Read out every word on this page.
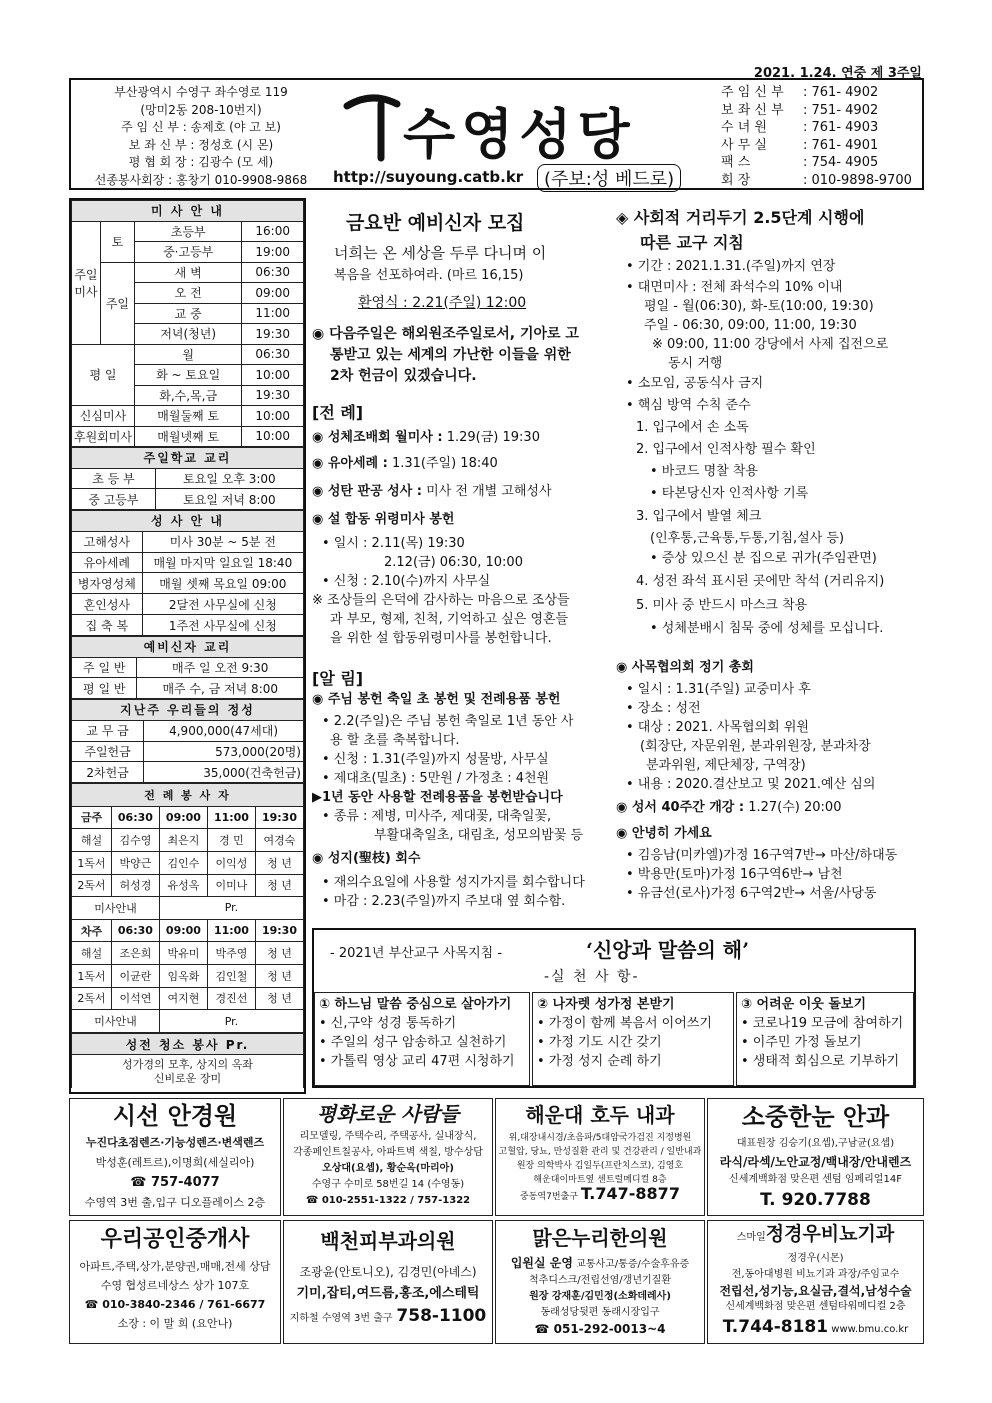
2021. 1.24. 연중 제 3주일
부산광역시 수영구 좌수영로 119
(망미2동 208-10번지)
주 임 신 부 : 송제호 (야 고 보)
보 좌 신 부 : 정성호 (시 몬)
평 협 회 장 : 김광수 (모 세)
선종봉사회장 : 홍창기 010-9908-9868
수영성당
http://suyoung.catb.kr	(주보:성 베드로)
주 임 신 부 : 761- 4902
보 좌 신 부 : 751- 4902
수 녀 원	: 761- 4903
사 무 실	: 761- 4901
팩 스	: 754- 4905
회 장	: 010-9898-9700
미 사 안 내			
주일미사	토	초등부	16:00
		중·고등부	19:00
	주일	새 벽	06:30
		오 전	09:00
		교 중	11:00
		저녁(청년)	19:30
평 일		월	06:30
		화 ~ 토요일	10:00
		화,수,목,금	19:30
신심미사		매월둘째 토	10:00
후원회미사		매월넷째 토	10:00
주일학교 교리	
초 등 부	토요일 오후 3:00
중 고등부	토요일 저녁 8:00
성 사 안 내	
고해성사	미사 30분 ~ 5분 전
유아세례	매월 마지막 일요일 18:40
병자영성체	매월 셋째 목요일 09:00
혼인성사	2달전 사무실에 신청
집 축 복	1주전 사무실에 신청
예비신자 교리	
주 일 반	매주 일 오전 9:30
평 일 반	매주 수, 금 저녁 8:00
지난주 우리들의 정성	
교 무 금	4,900,000(47세대)
주일헌금	573,000(20명)
2차헌금	35,000(건축헌금)
전 례 봉 사 자				
금주	06:30	09:00	11:00	19:30
해설	김수영	최은지	경 민	여경숙
1독서	박양근	김인수	이익성	청 년
2독서	허성경	유성옥	이미나	청 년
미사안내		Pr.		
차주	06:30	09:00	11:00	19:30
해설	조은희	박유미	박주영	청 년
1독서	이균란	임옥화	김인철	청 년
2독서	이석연	여지현	경진선	청 년
미사안내		Pr.		
성전 청소 봉사 Pr.

성가경의 모후, 상지의 옥좌
신비로운 장미
금요반 예비신자 모집
너희는 온 세상을 두루 다니며 이
복음을 선포하여라. (마르 16,15)
환영식 : 2.21(주일) 12:00
◉ 다음주일은 해외원조주일로서, 기아로 고
통받고 있는 세계의 가난한 이들을 위한
2차 헌금이 있겠습니다.
[전 례]
◉ 성체조배회 월미사 : 1.29(금) 19:30
◉ 유아세례 : 1.31(주일) 18:40
◉ 성탄 판공 성사 : 미사 전 개별 고해성사
◉ 설 합동 위령미사 봉헌
• 일시 : 2.11(목) 19:30
2.12(금) 06:30, 10:00
• 신청 : 2.10(수)까지 사무실
※ 조상들의 은덕에 감사하는 마음으로 조상들
과 부모, 형제, 친척, 기억하고 싶은 영혼들
을 위한 설 합동위령미사를 봉헌합니다.
[알 림]
◉ 주님 봉헌 축일 초 봉헌 및 전례용품 봉헌
• 2.2(주일)은 주님 봉헌 축일로 1년 동안 사
용 할 초를 축복합니다.
• 신청 : 1.31(주일)까지 성물방, 사무실
• 제대초(밀초) : 5만원 / 가정초 : 4천원
▶1년 동안 사용할 전례용품을 봉헌받습니다
• 종류 : 제병, 미사주, 제대꽃, 대축일꽃,
부활대축일초, 대림초, 성모의밤꽃 등
◉ 성지(聖枝) 회수
• 재의수요일에 사용할 성지가지를 회수합니다
• 마감 : 2.23(주일)까지 주보대 옆 회수함.
◈ 사회적 거리두기 2.5단계 시행에
따른 교구 지침
• 기간 : 2021.1.31.(주일)까지 연장
• 대면미사 : 전체 좌석수의 10% 이내
평일 - 월(06:30), 화-토(10:00, 19:30)
주일 - 06:30, 09:00, 11:00, 19:30
※ 09:00, 11:00 강당에서 사제 집전으로
동시 거행
• 소모임, 공동식사 금지
• 핵심 방역 수칙 준수
1. 입구에서 손 소독
2. 입구에서 인적사항 필수 확인
• 바코드 명찰 착용
• 타본당신자 인적사항 기록
3. 입구에서 발열 체크
(인후통,근육통,두통,기침,설사 등)
• 증상 있으신 분 집으로 귀가(주임관면)
4. 성전 좌석 표시된 곳에만 착석 (거리유지)
5. 미사 중 반드시 마스크 착용
• 성체분배시 침묵 중에 성체를 모십니다.
◉ 사목협의회 정기 총회
• 일시 : 1.31(주일) 교중미사 후
• 장소 : 성전
• 대상 : 2021. 사목협의회 위원
(회장단, 자문위원, 분과위원장, 분과차장
분과위원, 제단체장, 구역장)
• 내용 : 2020.결산보고 및 2021.예산 심의
◉ 성서 40주간 개강 : 1.27(수) 20:00
◉ 안녕히 가세요
• 김응남(미카엘)가정 16구역7반→ 마산/하대동
• 박용만(토마)가정 16구역6반→ 남천
• 유금선(로사)가정 6구역2반→ 서울/사당동
- 2021년 부산교구 사목지침 -	‘신앙과 말씀의 해’
-실 천 사 항-
① 하느님 말씀 중심으로 살아가기
• 신,구약 성경 통독하기
• 주일의 성구 암송하고 실천하기
• 가톨릭 영상 교리 47편 시청하기
② 나자렛 성가정 본받기
• 가정이 함께 복음서 이어쓰기
• 가정 기도 시간 갖기
• 가정 성지 순례 하기
③ 어려운 이웃 돌보기
• 코로나19 모금에 참여하기
• 이주민 가정 돌보기
• 생태적 회심으로 기부하기
시선 안경원
누진다초점렌즈·기능성렌즈·변색렌즈
박성훈(레트르),이명희(세실리아)
☎ 757-4077
수영역 3번 출,입구 디오플레이스 2층
평화로운 사람들
리모델링, 주택수리, 주택공사, 실내장식,
각종페인트칠공사, 아파트벽 색칠, 방수상담
오상대(요셉), 황순옥(마리아)
수영구 수미로 58번길 14 (수영동)
☎ 010-2551-1322 / 757-1322
해운대 호두 내과
위,대장내시경/초음파/5대암국가검진 지정병원
고혈압, 당뇨, 만성질환 관리 및 건강관리 / 일반내과
원장 의학박사 김일두(프란치스코), 김영호
해운대이마트옆 센트럴메디컬 8층
중동역7번출구 T.747-8877
소중한눈 안과
대표원장 김승기(요셉),구남균(요셉)
라식/라섹/노안교정/백내장/안내렌즈
신세계백화점 맞은편 센텀 임페리얼14F
T. 920.7788
우리공인중개사
아파트,주택,상가,분양권,매매,전세 상담
수영 협성르네상스 상가 107호
☎ 010-3840-2346 / 761-6677
소장 : 이 말 희 (요안나)
백천피부과의원
조광윤(안토니오), 김경민(아녜스)
기미,잡티,여드름,홍조,에스테틱
지하철 수영역 3번 출구 758-1100
맑은누리한의원
입원실 운영 교통사고/통증/수술후유증
척추디스크/전립선염/갱년기질환
원장 강재훈/김민정(소화데레사)
동래성당뒷편 동래시장입구
☎ 051-292-0013~4
스마일정경우비뇨기과
정경우(시몬)
전,동아대병원 비뇨기과 과장/주임교수
전립선,성기능,요실금,결석,남성수술
신세계백화점 맞은편 센텀타워메디컬 2층
T.744-8181 www.bmu.co.kr
